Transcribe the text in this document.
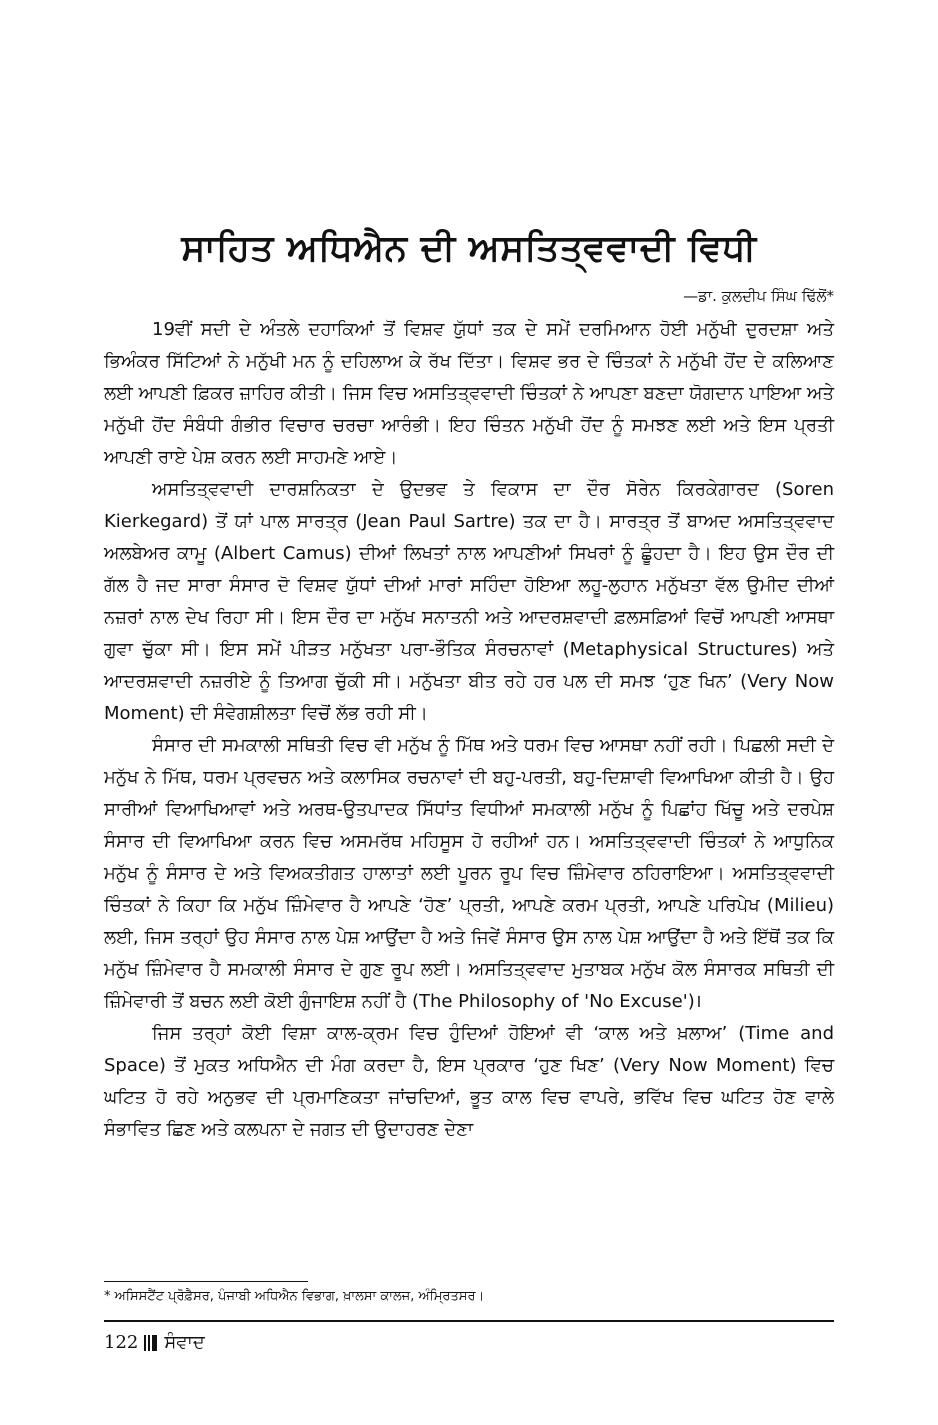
ਸਾਹਿਤ ਅਧਿਐਨ ਦੀ ਅਸਤਿਤ੍ਵਵਾਦੀ ਵਿਧੀ
—ਡਾ. ਕੁਲਦੀਪ ਸਿੰਘ ਢਿੱਲੋਂ*

19ਵੀਂ ਸਦੀ ਦੇ ਅੰਤਲੇ ਦਹਾਕਿਆਂ ਤੋਂ ਵਿਸ਼ਵ ਯੁੱਧਾਂ ਤਕ ਦੇ ਸਮੇਂ ਦਰਮਿਆਨ ਹੋਈ ਮਨੁੱਖੀ ਦੁਰਦਸ਼ਾ ਅਤੇ ਭਿਅੰਕਰ ਸਿੱਟਿਆਂ ਨੇ ਮਨੁੱਖੀ ਮਨ ਨੂੰ ਦਹਿਲਾਅ ਕੇ ਰੱਖ ਦਿੱਤਾ। ਵਿਸ਼ਵ ਭਰ ਦੇ ਚਿੰਤਕਾਂ ਨੇ ਮਨੁੱਖੀ ਹੋਂਦ ਦੇ ਕਲਿਆਣ ਲਈ ਆਪਣੀ ਫ਼ਿਕਰ ਜ਼ਾਹਿਰ ਕੀਤੀ। ਜਿਸ ਵਿਚ ਅਸਤਿਤ੍ਵਵਾਦੀ ਚਿੰਤਕਾਂ ਨੇ ਆਪਣਾ ਬਣਦਾ ਯੋਗਦਾਨ ਪਾਇਆ ਅਤੇ ਮਨੁੱਖੀ ਹੋਂਦ ਸੰਬੰਧੀ ਗੰਭੀਰ ਵਿਚਾਰ ਚਰਚਾ ਆਰੰਭੀ। ਇਹ ਚਿੰਤਨ ਮਨੁੱਖੀ ਹੋਂਦ ਨੂੰ ਸਮਝਣ ਲਈ ਅਤੇ ਇਸ ਪ੍ਰਤੀ ਆਪਣੀ ਰਾਏ ਪੇਸ਼ ਕਰਨ ਲਈ ਸਾਹਮਣੇ ਆਏ।

ਅਸਤਿਤ੍ਵਵਾਦੀ ਦਾਰਸ਼ਨਿਕਤਾ ਦੇ ਉਦਭਵ ਤੇ ਵਿਕਾਸ ਦਾ ਦੌਰ ਸੋਰੇਨ ਕਿਰਕੇਗਾਰਦ (Soren Kierkegard) ਤੋਂ ਯਾਂ ਪਾਲ ਸਾਰਤ੍ਰ (Jean Paul Sartre) ਤਕ ਦਾ ਹੈ। ਸਾਰਤ੍ਰ ਤੋਂ ਬਾਅਦ ਅਸਤਿਤ੍ਵਵਾਦ ਅਲਬੇਅਰ ਕਾਮੂ (Albert Camus) ਦੀਆਂ ਲਿਖਤਾਂ ਨਾਲ ਆਪਣੀਆਂ ਸਿਖਰਾਂ ਨੂੰ ਛੂੰਹਦਾ ਹੈ। ਇਹ ਉਸ ਦੌਰ ਦੀ ਗੱਲ ਹੈ ਜਦ ਸਾਰਾ ਸੰਸਾਰ ਦੋ ਵਿਸ਼ਵ ਯੁੱਧਾਂ ਦੀਆਂ ਮਾਰਾਂ ਸਹਿੰਦਾ ਹੋਇਆ ਲਹੂ-ਲੁਹਾਨ ਮਨੁੱਖਤਾ ਵੱਲ ਉਮੀਦ ਦੀਆਂ ਨਜ਼ਰਾਂ ਨਾਲ ਦੇਖ ਰਿਹਾ ਸੀ। ਇਸ ਦੌਰ ਦਾ ਮਨੁੱਖ ਸਨਾਤਨੀ ਅਤੇ ਆਦਰਸ਼ਵਾਦੀ ਫ਼ਲਸਫ਼ਿਆਂ ਵਿਚੋਂ ਆਪਣੀ ਆਸਥਾ ਗੁਵਾ ਚੁੱਕਾ ਸੀ। ਇਸ ਸਮੇਂ ਪੀੜਤ ਮਨੁੱਖਤਾ ਪਰਾ-ਭੌਤਿਕ ਸੰਰਚਨਾਵਾਂ (Metaphysical Structures) ਅਤੇ ਆਦਰਸ਼ਵਾਦੀ ਨਜ਼ਰੀਏ ਨੂੰ ਤਿਆਗ ਚੁੱਕੀ ਸੀ। ਮਨੁੱਖਤਾ ਬੀਤ ਰਹੇ ਹਰ ਪਲ ਦੀ ਸਮਝ ‘ਹੁਣ ਖਿਨ’ (Very Now Moment) ਦੀ ਸੰਵੇਗਸ਼ੀਲਤਾ ਵਿਚੋਂ ਲੱਭ ਰਹੀ ਸੀ।

ਸੰਸਾਰ ਦੀ ਸਮਕਾਲੀ ਸਥਿਤੀ ਵਿਚ ਵੀ ਮਨੁੱਖ ਨੂੰ ਮਿੱਥ ਅਤੇ ਧਰਮ ਵਿਚ ਆਸਥਾ ਨਹੀਂ ਰਹੀ। ਪਿਛਲੀ ਸਦੀ ਦੇ ਮਨੁੱਖ ਨੇ ਮਿੱਥ, ਧਰਮ ਪ੍ਰਵਚਨ ਅਤੇ ਕਲਾਸਿਕ ਰਚਨਾਵਾਂ ਦੀ ਬਹੁ-ਪਰਤੀ, ਬਹੁ-ਦਿਸ਼ਾਵੀ ਵਿਆਖਿਆ ਕੀਤੀ ਹੈ। ਉਹ ਸਾਰੀਆਂ ਵਿਆਖਿਆਵਾਂ ਅਤੇ ਅਰਥ-ਉਤਪਾਦਕ ਸਿੱਧਾਂਤ ਵਿਧੀਆਂ ਸਮਕਾਲੀ ਮਨੁੱਖ ਨੂੰ ਪਿਛਾਂਹ ਖਿੱਚੂ ਅਤੇ ਦਰਪੇਸ਼ ਸੰਸਾਰ ਦੀ ਵਿਆਖਿਆ ਕਰਨ ਵਿਚ ਅਸਮਰੱਥ ਮਹਿਸੂਸ ਹੋ ਰਹੀਆਂ ਹਨ। ਅਸਤਿਤ੍ਵਵਾਦੀ ਚਿੰਤਕਾਂ ਨੇ ਆਧੁਨਿਕ ਮਨੁੱਖ ਨੂੰ ਸੰਸਾਰ ਦੇ ਅਤੇ ਵਿਅਕਤੀਗਤ ਹਾਲਾਤਾਂ ਲਈ ਪੂਰਨ ਰੂਪ ਵਿਚ ਜ਼ਿੰਮੇਵਾਰ ਠਹਿਰਾਇਆ। ਅਸਤਿਤ੍ਵਵਾਦੀ ਚਿੰਤਕਾਂ ਨੇ ਕਿਹਾ ਕਿ ਮਨੁੱਖ ਜ਼ਿੰਮੇਵਾਰ ਹੈ ਆਪਣੇ ‘ਹੋਣ’ ਪ੍ਰਤੀ, ਆਪਣੇ ਕਰਮ ਪ੍ਰਤੀ, ਆਪਣੇ ਪਰਿਪੇਖ (Milieu) ਲਈ, ਜਿਸ ਤਰ੍ਹਾਂ ਉਹ ਸੰਸਾਰ ਨਾਲ ਪੇਸ਼ ਆਉਂਦਾ ਹੈ ਅਤੇ ਜਿਵੇਂ ਸੰਸਾਰ ਉਸ ਨਾਲ ਪੇਸ਼ ਆਉਂਦਾ ਹੈ ਅਤੇ ਇੱਥੋਂ ਤਕ ਕਿ ਮਨੁੱਖ ਜ਼ਿੰਮੇਵਾਰ ਹੈ ਸਮਕਾਲੀ ਸੰਸਾਰ ਦੇ ਗੁਣ ਰੂਪ ਲਈ। ਅਸਤਿਤ੍ਵਵਾਦ ਮੁਤਾਬਕ ਮਨੁੱਖ ਕੋਲ ਸੰਸਾਰਕ ਸਥਿਤੀ ਦੀ ਜ਼ਿੰਮੇਵਾਰੀ ਤੋਂ ਬਚਨ ਲਈ ਕੋਈ ਗੁੰਜਾਇਸ਼ ਨਹੀਂ ਹੈ (The Philosophy of 'No Excuse')।

ਜਿਸ ਤਰ੍ਹਾਂ ਕੋਈ ਵਿਸ਼ਾ ਕਾਲ-ਕ੍ਰਮ ਵਿਚ ਹੁੰਦਿਆਂ ਹੋਇਆਂ ਵੀ ‘ਕਾਲ ਅਤੇ ਖ਼ਲਾਅ’ (Time and Space) ਤੋਂ ਮੁਕਤ ਅਧਿਐਨ ਦੀ ਮੰਗ ਕਰਦਾ ਹੈ, ਇਸ ਪ੍ਰਕਾਰ ‘ਹੁਣ ਖਿਣ’ (Very Now Moment) ਵਿਚ ਘਟਿਤ ਹੋ ਰਹੇ ਅਨੁਭਵ ਦੀ ਪ੍ਰਮਾਣਿਕਤਾ ਜਾਂਚਦਿਆਂ, ਭੂਤ ਕਾਲ ਵਿਚ ਵਾਪਰੇ, ਭਵਿੱਖ ਵਿਚ ਘਟਿਤ ਹੋਣ ਵਾਲੇ ਸੰਭਾਵਿਤ ਛਿਣ ਅਤੇ ਕਲਪਨਾ ਦੇ ਜਗਤ ਦੀ ਉਦਾਹਰਣ ਦੇਣਾ

* ਅਸਿਸਟੈਂਟ ਪ੍ਰੋਫ਼ੈਸਰ, ਪੰਜਾਬੀ ਅਧਿਐਨ ਵਿਭਾਗ, ਖ਼ਾਲਸਾ ਕਾਲਜ, ਅੰਮ੍ਰਿਤਸਰ।
122 ਸੰਵਾਦ
